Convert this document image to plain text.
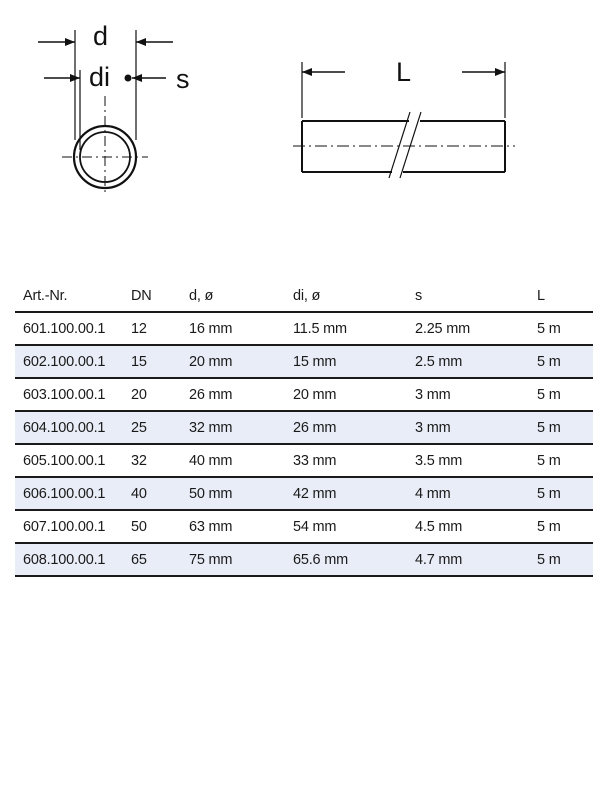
d
di s	L
Art.-Nr.	DN	d, ø	di, ø	s	L
601.100.00.1	12	16 mm	11.5 mm	2.25 mm	5 m
602.100.00.1	15	20 mm	15 mm	2.5 mm	5 m
603.100.00.1	20	26 mm	20 mm	3 mm	5 m
604.100.00.1	25	32 mm	26 mm	3 mm	5 m
605.100.00.1	32	40 mm	33 mm	3.5 mm	5 m
606.100.00.1	40	50 mm	42 mm	4 mm	5 m
607.100.00.1	50	63 mm	54 mm	4.5 mm	5 m
608.100.00.1	65	75 mm	65.6 mm	4.7 mm	5 m
